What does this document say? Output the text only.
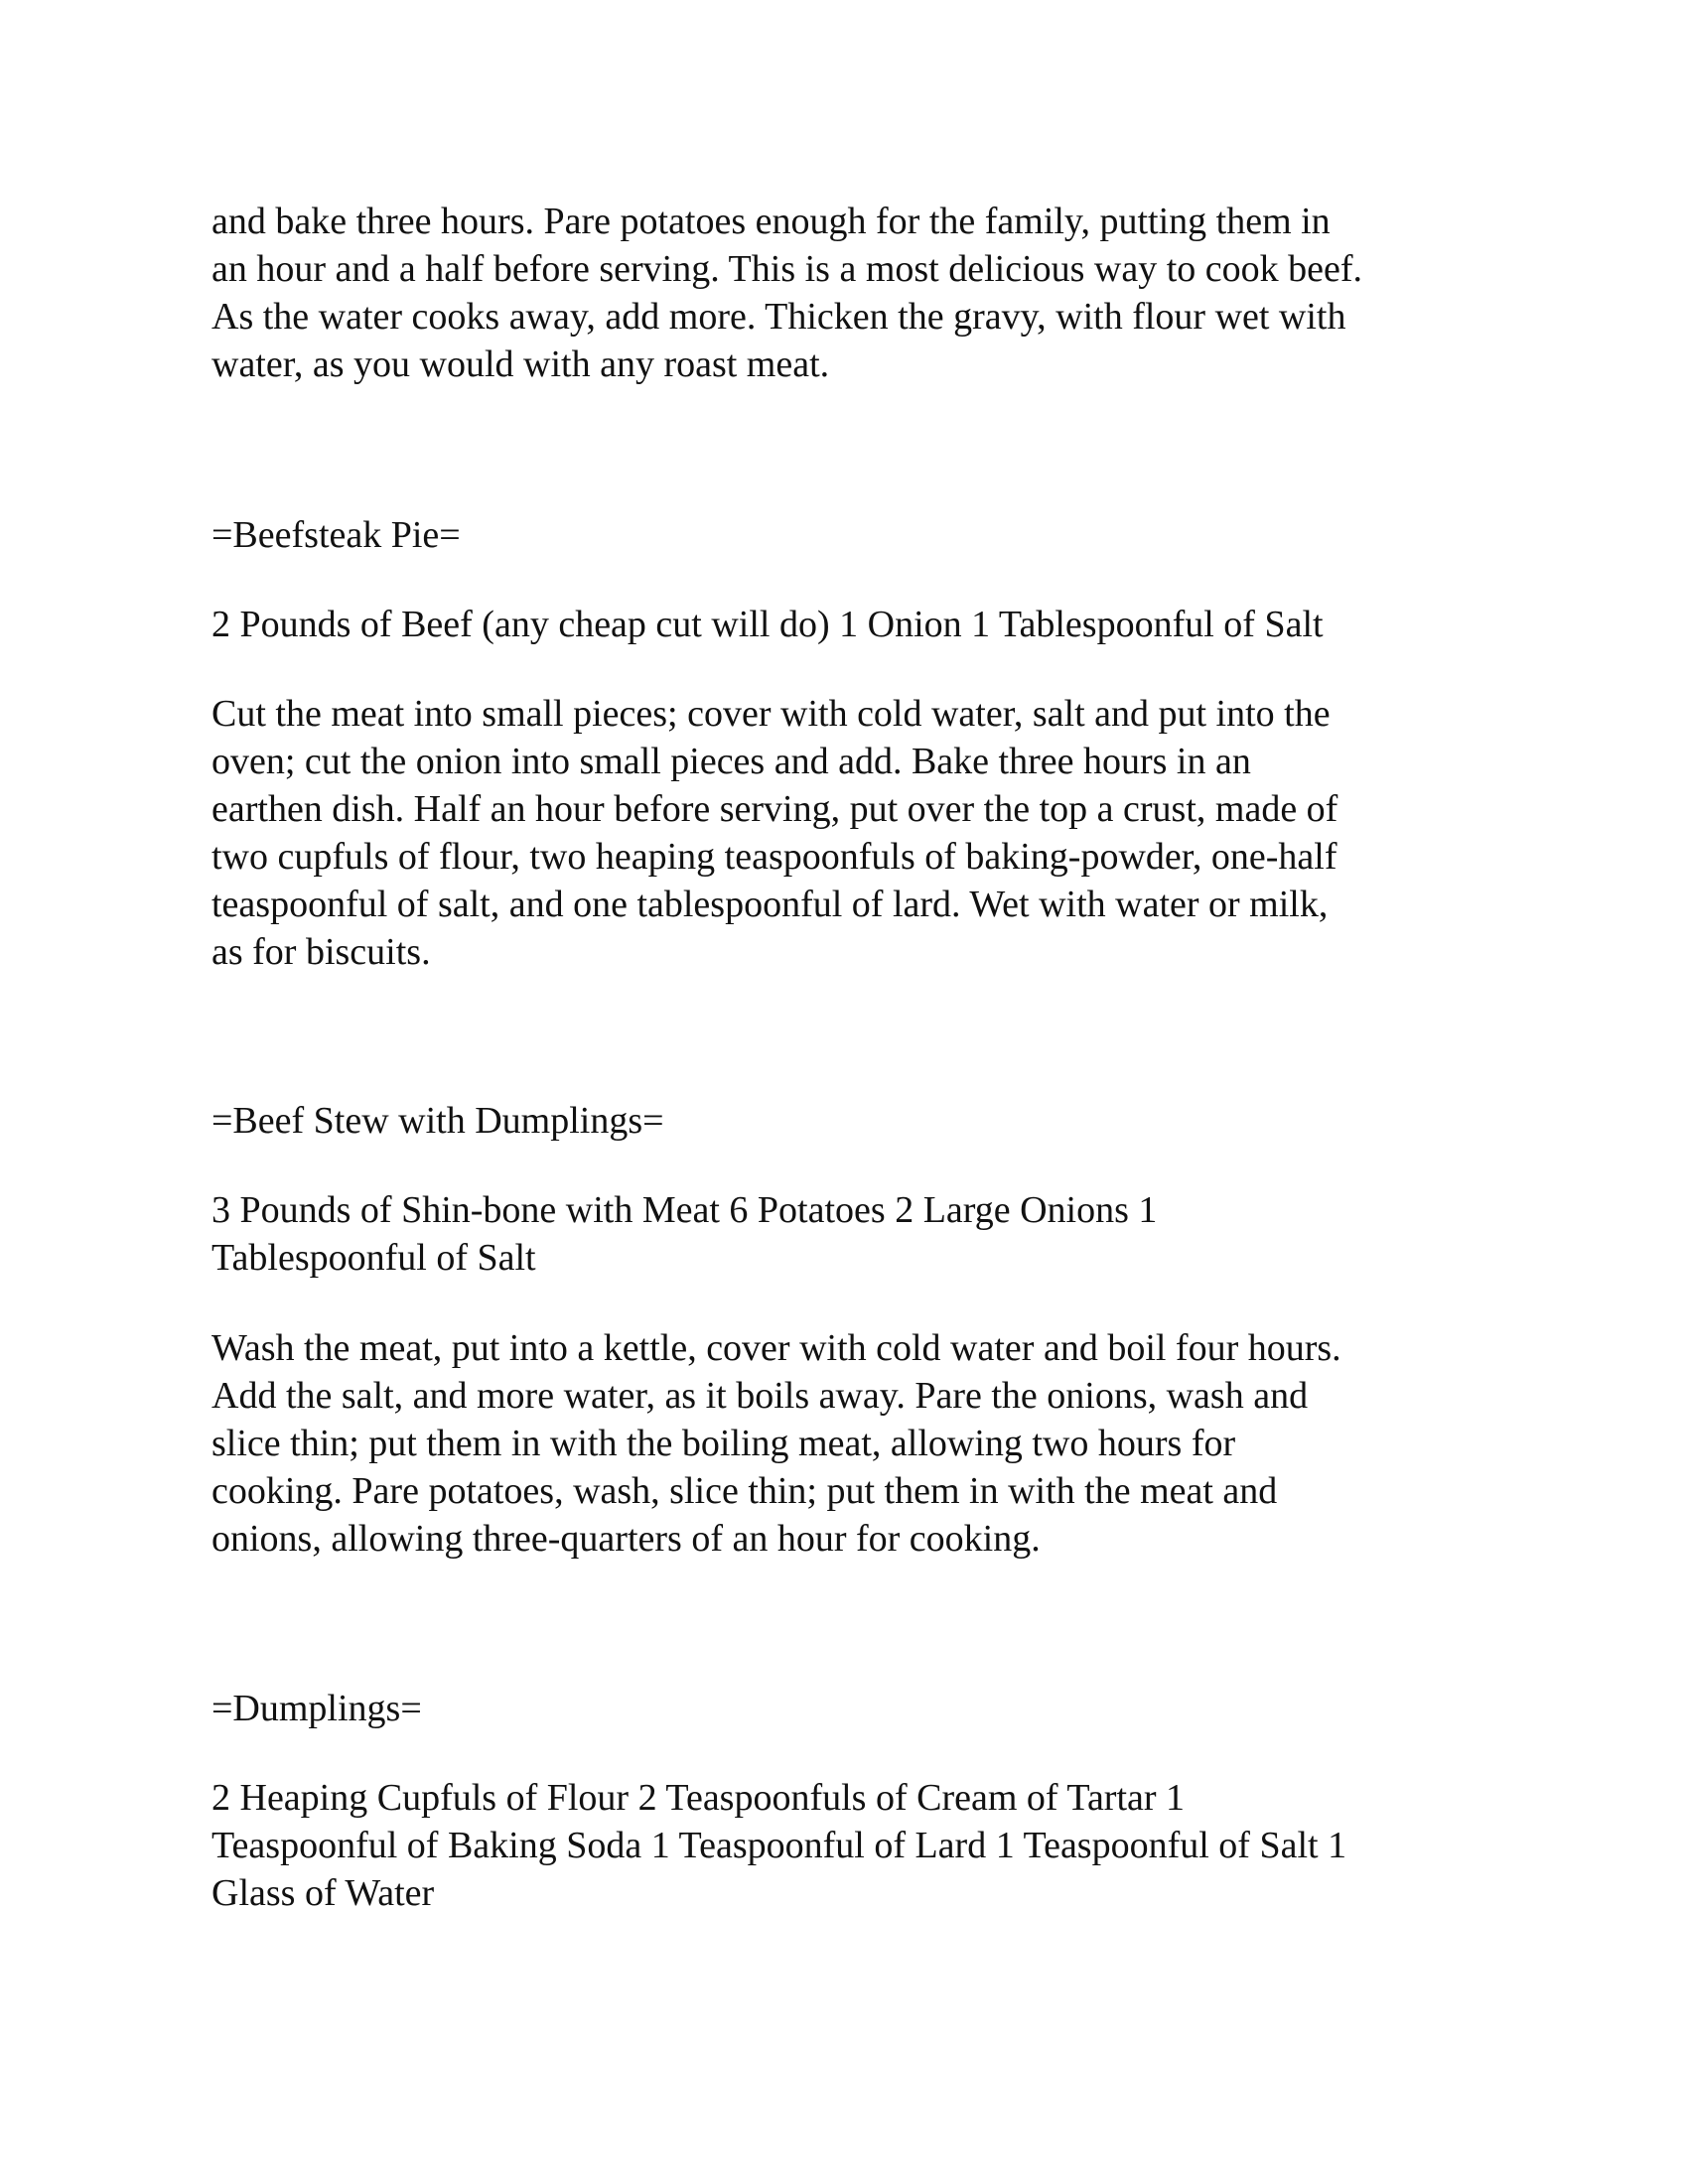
and bake three hours. Pare potatoes enough for the family, putting them in
an hour and a half before serving. This is a most delicious way to cook beef.
As the water cooks away, add more. Thicken the gravy, with flour wet with
water, as you would with any roast meat.

=Beefsteak Pie=

2 Pounds of Beef (any cheap cut will do) 1 Onion 1 Tablespoonful of Salt

Cut the meat into small pieces; cover with cold water, salt and put into the
oven; cut the onion into small pieces and add. Bake three hours in an
earthen dish. Half an hour before serving, put over the top a crust, made of
two cupfuls of flour, two heaping teaspoonfuls of baking-powder, one-half
teaspoonful of salt, and one tablespoonful of lard. Wet with water or milk,
as for biscuits.

=Beef Stew with Dumplings=

3 Pounds of Shin-bone with Meat 6 Potatoes 2 Large Onions 1
Tablespoonful of Salt

Wash the meat, put into a kettle, cover with cold water and boil four hours.
Add the salt, and more water, as it boils away. Pare the onions, wash and
slice thin; put them in with the boiling meat, allowing two hours for
cooking. Pare potatoes, wash, slice thin; put them in with the meat and
onions, allowing three-quarters of an hour for cooking.

=Dumplings=

2 Heaping Cupfuls of Flour 2 Teaspoonfuls of Cream of Tartar 1
Teaspoonful of Baking Soda 1 Teaspoonful of Lard 1 Teaspoonful of Salt 1
Glass of Water
